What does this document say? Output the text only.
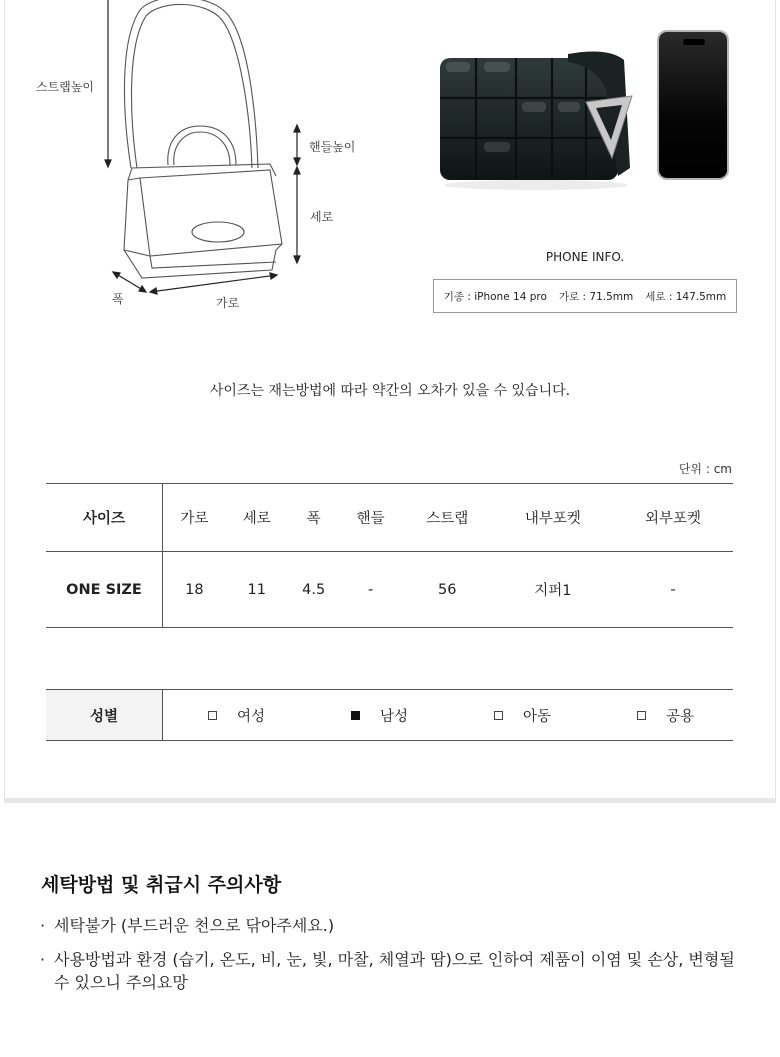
스트랩높이
핸들높이
세로
폭	가로
PHONE INFO.
기종 : iPhone 14 pro 가로 : 71.5mm 세로 : 147.5mm
사이즈는 재는방법에 따라 약간의 오차가 있을 수 있습니다.
단위 : cm
사이즈	가로	세로	폭	핸들	스트랩	내부포켓	외부포켓
ONE SIZE	18	11	4.5	-	56	지퍼1	-
성별	여성	남성	아동	공용
세탁방법 및 취급시 주의사항
· 세탁불가 (부드러운 천으로 닦아주세요.)
· 사용방법과 환경 (습기, 온도, 비, 눈, 빛, 마찰, 체열과 땀)으로 인하여 제품이 이염 및 손상, 변형될 수 있으니 주의요망
